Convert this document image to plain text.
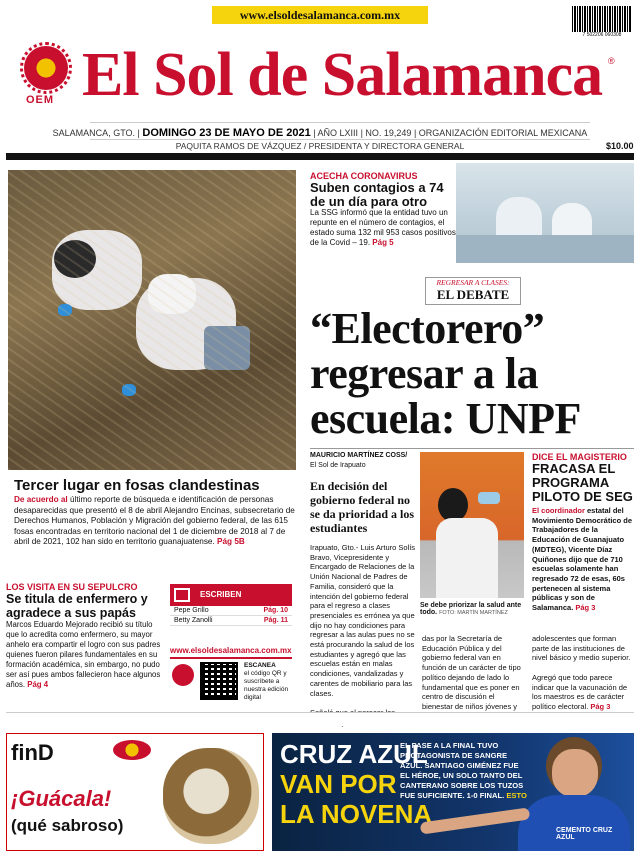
www.elsoldesalamanca.com.mx
7 502206 060308
OEM El Sol de Salamanca ®
SALAMANCA, GTO. | DOMINGO 23 DE MAYO DE 2021 | AÑO LXIII | NO. 19,249 | ORGANIZACIÓN EDITORIAL MEXICANA
PAQUITA RAMOS DE VÁZQUEZ / PRESIDENTA Y DIRECTORA GENERAL	$10.00
Tercer lugar en fosas clandestinas
De acuerdo al último reporte de búsqueda e identificación de personas desaparecidas que presentó el 8 de abril Alejandro Encinas, subsecretario de Derechos Humanos, Población y Migración del gobierno federal, de las 615 fosas encontradas en territorio nacional del 1 de diciembre de 2018 al 7 de abril de 2021, 102 han sido en territorio guanajuatense. Pág 5B
ACECHA CORONAVIRUS
Suben contagios a 74 de un día para otro
La SSG informó que la entidad tuvo un repunte en el número de contagios, el estado suma 132 mil 953 casos positivos de la Covid – 19. Pág 5
REGRESAR A CLASES:
EL DEBATE
“Electorero” regresar a la escuela: UNPF
MAURICIO MARTÍNEZ COSS/
El Sol de Irapuato
En decisión del gobierno federal no se da prioridad a los estudiantes
Irapuato, Gto.- Luis Arturo Solís Bravo, Vicepresidente y Encargado de Relaciones de la Unión Nacional de Padres de Familia, consideró que la intención del gobierno federal para el regreso a clases presenciales es errónea ya que dijo no hay condiciones para regresar a las aulas pues no se está procurando la salud de los estudiantes y agregó que las escuelas están en malas condiciones, vandalizadas y carentes de mobiliario para las clases.

Se debe priorizar la salud ante todo. FOTO: MARTÍN MARTÍNEZ
DICE EL MAGISTERIO
FRACASA EL PROGRAMA PILOTO DE SEG
El coordinador estatal del Movimiento Democrático de Trabajadores de la Educación de Guanajuato (MDTEG), Vicente Díaz Quiñones dijo que de 710 escuelas solamente han regresado 72 de esas, 60s pertenecen al sistema públicas y son de Salamanca. Pág 3
das por la Secretaría de Educación Pública y del gobierno federal van en función de un carácter de tipo político dejando de lado lo fundamental que es poner en centro de discusión el bienestar de niños jóvenes y
adolescentes que forman parte de las instituciones de nivel básico y medio superior.

Agregó que todo parece indicar que la vacunación de los maestros es de carácter político electoral. Pág 3
LOS VISITA EN SU SEPULCRO
Se titula de enfermero y agradece a sus papás
Marcos Eduardo Mejorado recibió su título que lo acredita como enfermero, su mayor anhelo era compartir el logro con sus padres quienes fueron pilares fundamentales en su formación académica, sin embargo, no pudo ser así pues ambos fallecieron hace algunos años. Pág 4
ESCRIBEN
Pepe Grillo	Pág. 10
Betty Zanolli	Pág. 11
www.elsoldesalamanca.com.mx
ESCANEA
el código QR y suscríbete a nuestra edición digital
finD
¡Guácala!
(qué sabroso)
CRUZ AZUL
VAN POR
LA NOVENA
EL PASE A LA FINAL TUVO PROTAGONISTA DE SANGRE AZUL. SANTIAGO GIMÉNEZ FUE EL HÉROE, UN SOLO TANTO DEL CANTERANO SOBRE LOS TUZOS FUE SUFICIENTE. 1-0 FINAL. ESTO
CEMENTO CRUZ AZUL
